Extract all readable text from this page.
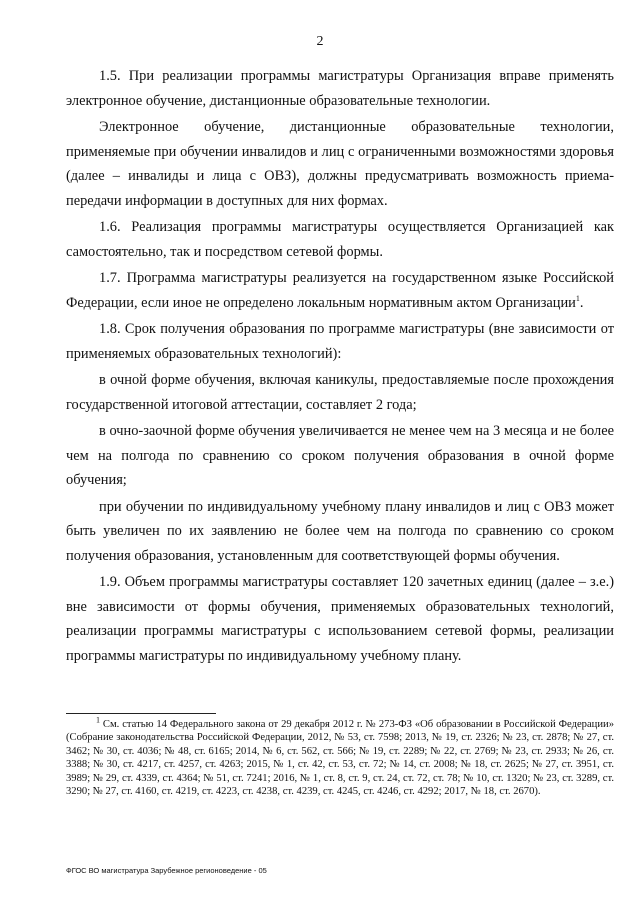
2

1.5. При реализации программы магистратуры Организация вправе применять электронное обучение, дистанционные образовательные технологии.

Электронное обучение, дистанционные образовательные технологии, применяемые при обучении инвалидов и лиц с ограниченными возможностями здоровья (далее – инвалиды и лица с ОВЗ), должны предусматривать возможность приема-передачи информации в доступных для них формах.

1.6. Реализация программы магистратуры осуществляется Организацией как самостоятельно, так и посредством сетевой формы.

1.7. Программа магистратуры реализуется на государственном языке Российской Федерации, если иное не определено локальным нормативным актом Организации$^1$.

1.8. Срок получения образования по программе магистратуры (вне зависимости от применяемых образовательных технологий):

в очной форме обучения, включая каникулы, предоставляемые после прохождения государственной итоговой аттестации, составляет 2 года;

в очно-заочной форме обучения увеличивается не менее чем на 3 месяца и не более чем на полгода по сравнению со сроком получения образования в очной форме обучения;

при обучении по индивидуальному учебному плану инвалидов и лиц с ОВЗ может быть увеличен по их заявлению не более чем на полгода по сравнению со сроком получения образования, установленным для соответствующей формы обучения.

1.9. Объем программы магистратуры составляет 120 зачетных единиц (далее – з.е.) вне зависимости от формы обучения, применяемых образовательных технологий, реализации программы магистратуры с использованием сетевой формы, реализации программы магистратуры по индивидуальному учебному плану.

$^1$ См. статью 14 Федерального закона от 29 декабря 2012 г. № 273-ФЗ «Об образовании в Российской Федерации» (Собрание законодательства Российской Федерации, 2012, № 53, ст. 7598; 2013, № 19, ст. 2326; № 23, ст. 2878; № 27, ст. 3462; № 30, ст. 4036; № 48, ст. 6165; 2014, № 6, ст. 562, ст. 566; № 19, ст. 2289; № 22, ст. 2769; № 23, ст. 2933; № 26, ст. 3388; № 30, ст. 4217, ст. 4257, ст. 4263; 2015, № 1, ст. 42, ст. 53, ст. 72; № 14, ст. 2008; № 18, ст. 2625; № 27, ст. 3951, ст. 3989; № 29, ст. 4339, ст. 4364; № 51, ст. 7241; 2016, № 1, ст. 8, ст. 9, ст. 24, ст. 72, ст. 78; № 10, ст. 1320; № 23, ст. 3289, ст. 3290; № 27, ст. 4160, ст. 4219, ст. 4223, ст. 4238, ст. 4239, ст. 4245, ст. 4246, ст. 4292; 2017, № 18, ст. 2670).

ФГОС ВО магистратура Зарубежное регионоведение - 05
